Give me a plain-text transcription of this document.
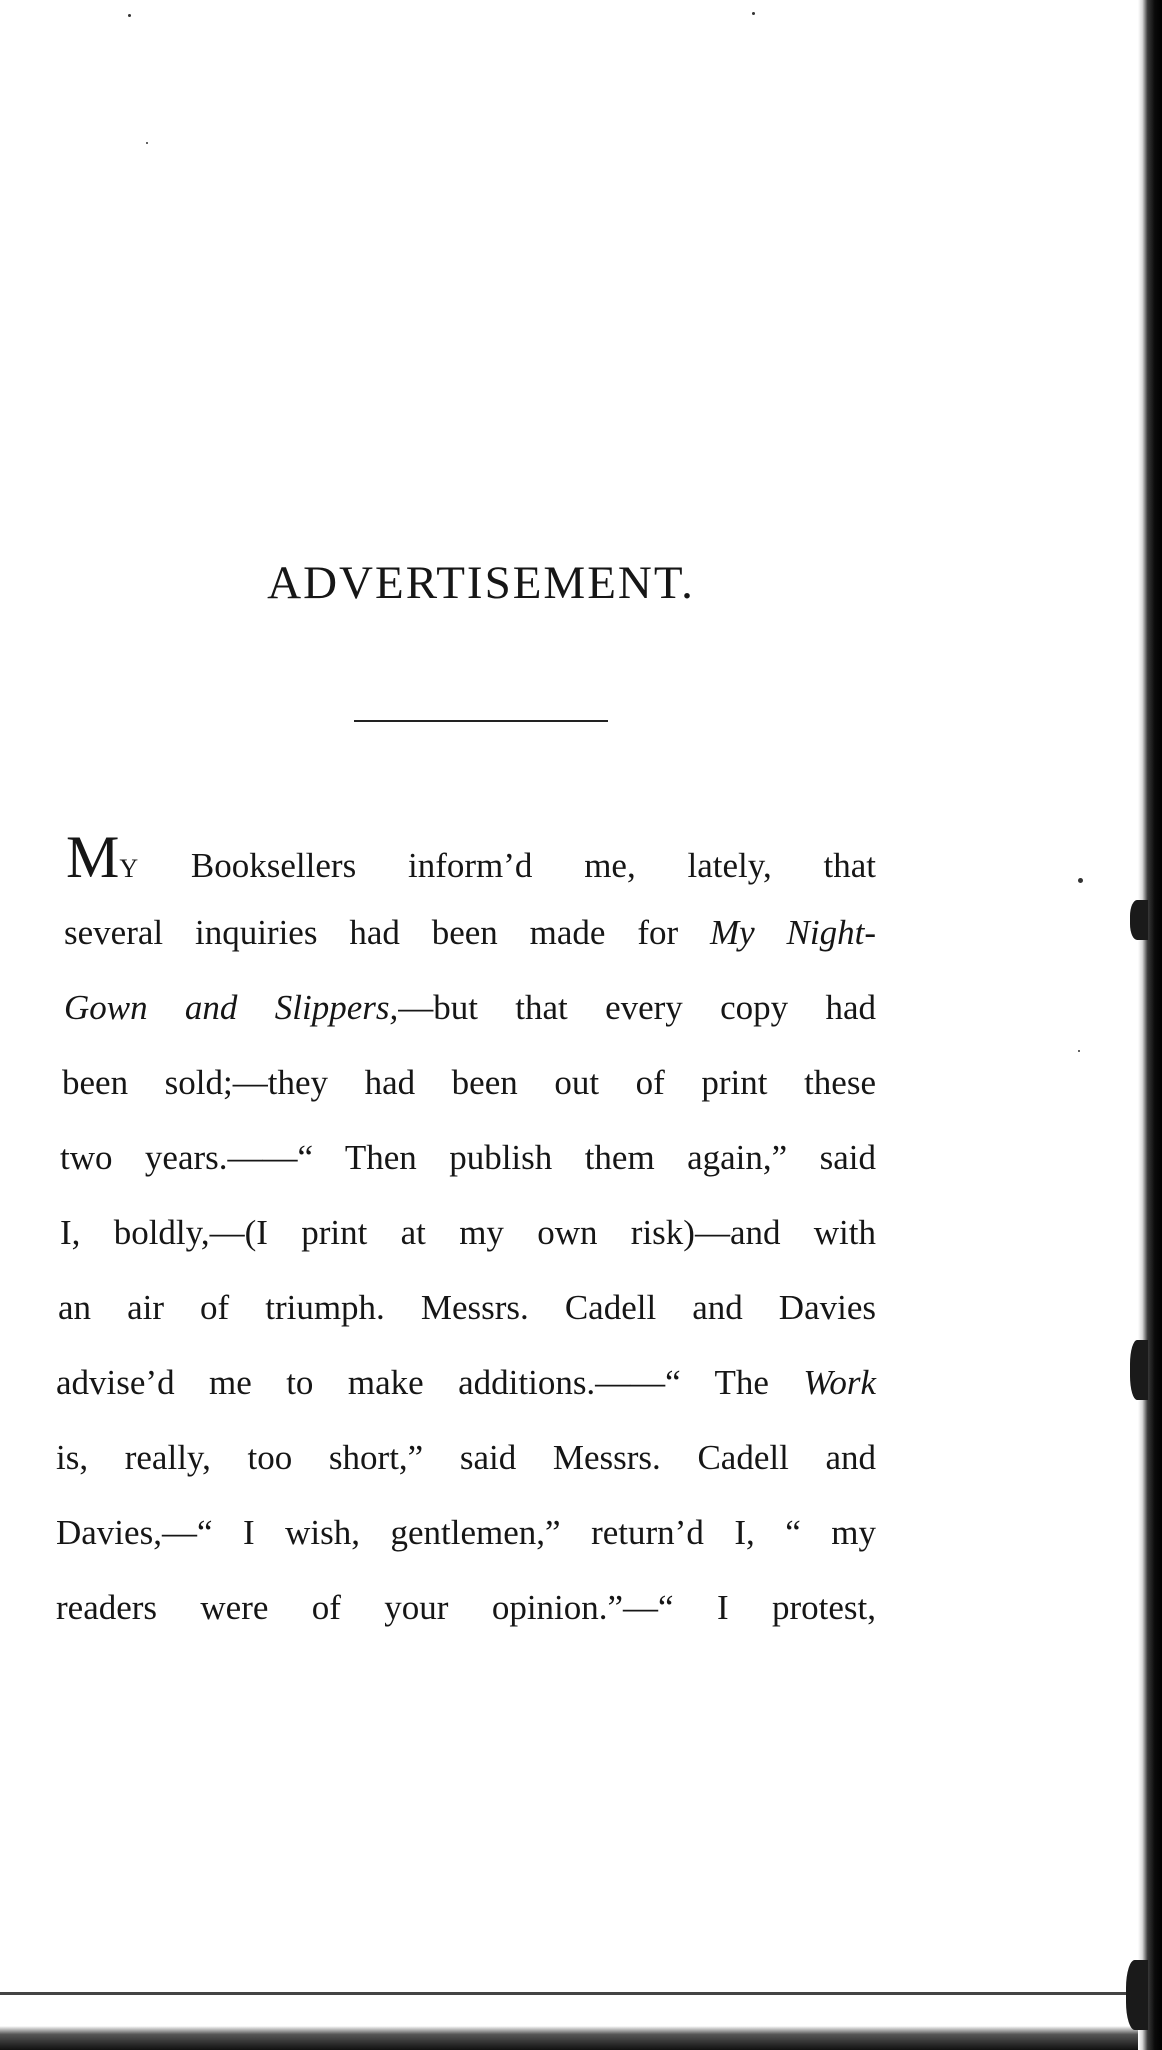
ADVERTISEMENT.
MY Booksellers inform’d me, lately, that
several inquiries had been made for My Night-
Gown and Slippers,—but that every copy had
been sold;—they had been out of print these
two years.——“ Then publish them again,” said
I, boldly,—(I print at my own risk)—and with
an air of triumph. Messrs. Cadell and Davies
advise’d me to make additions.——“ The Work
is, really, too short,” said Messrs. Cadell and
Davies,—“ I wish, gentlemen,” return’d I, “ my
readers were of your opinion.”—“ I protest,
